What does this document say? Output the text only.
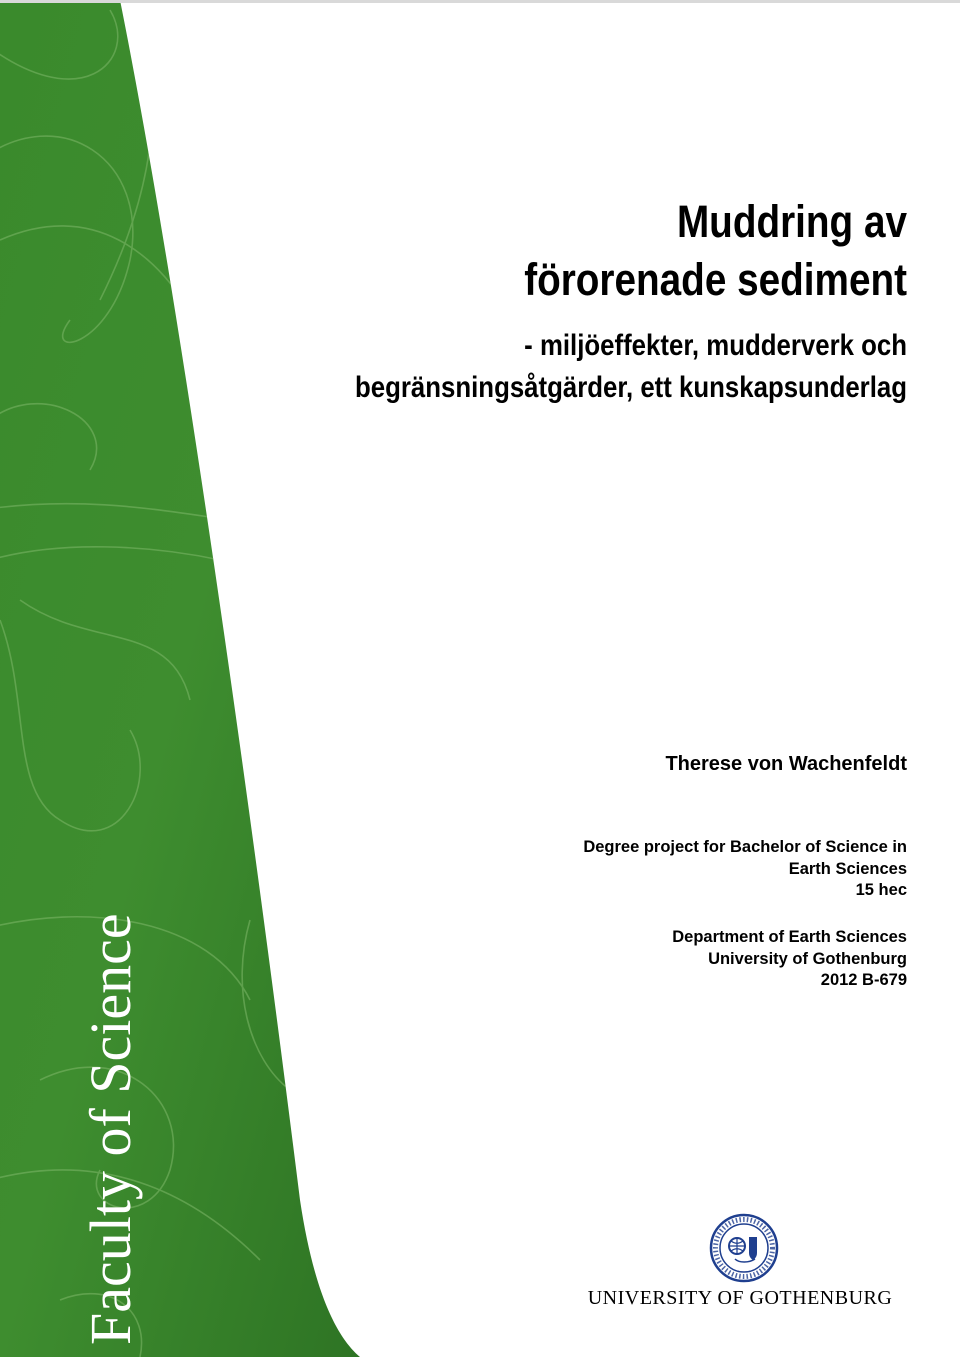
Muddring av
förorenade sediment
- miljöeffekter, mudderverk och
begränsningsåtgärder, ett kunskapsunderlag
Therese von Wachenfeldt
Degree project for Bachelor of Science in
Earth Sciences
15 hec
Department of Earth Sciences
University of Gothenburg
2012 B-679
Faculty of Science	UNIVERSITY OF GOTHENBURG
